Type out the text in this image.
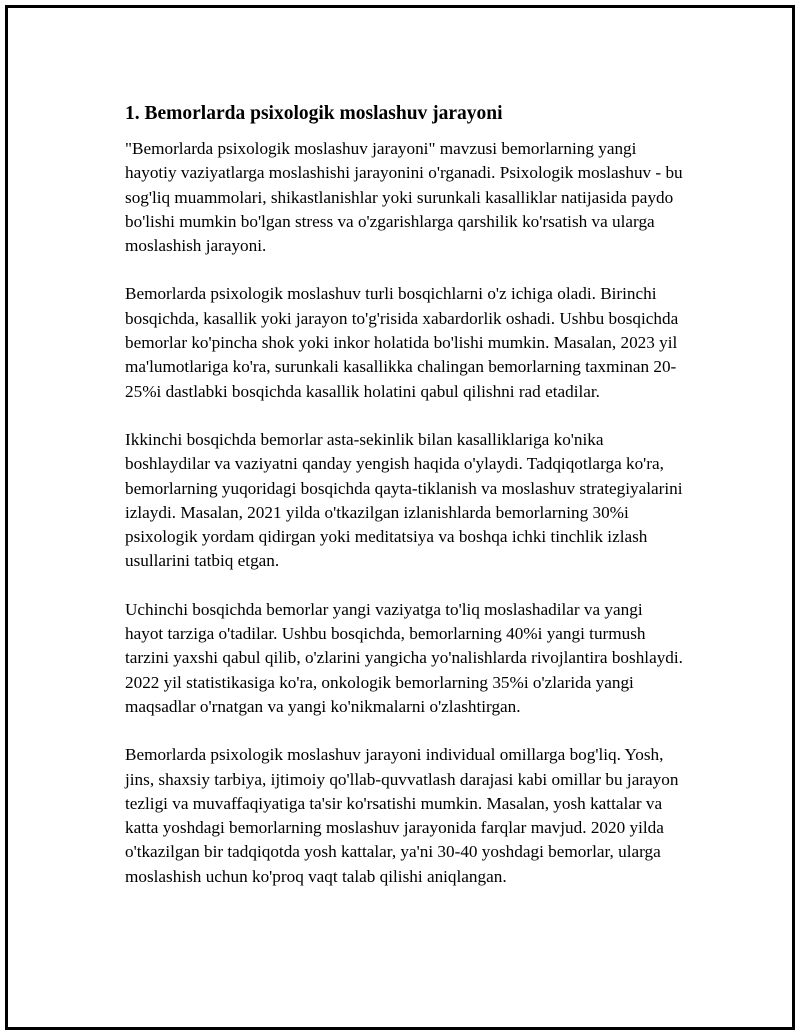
1. Bemorlarda psixologik moslashuv jarayoni

"Bemorlarda psixologik moslashuv jarayoni" mavzusi bemorlarning yangi hayotiy vaziyatlarga moslashishi jarayonini o'rganadi. Psixologik moslashuv - bu sog'liq muammolari, shikastlanishlar yoki surunkali kasalliklar natijasida paydo bo'lishi mumkin bo'lgan stress va o'zgarishlarga qarshilik ko'rsatish va ularga moslashish jarayoni.

Bemorlarda psixologik moslashuv turli bosqichlarni o'z ichiga oladi. Birinchi bosqichda, kasallik yoki jarayon to'g'risida xabardorlik oshadi. Ushbu bosqichda bemorlar ko'pincha shok yoki inkor holatida bo'lishi mumkin. Masalan, 2023 yil ma'lumotlariga ko'ra, surunkali kasallikka chalingan bemorlarning taxminan 20-25%i dastlabki bosqichda kasallik holatini qabul qilishni rad etadilar.

Ikkinchi bosqichda bemorlar asta-sekinlik bilan kasalliklariga ko'nika boshlaydilar va vaziyatni qanday yengish haqida o'ylaydi. Tadqiqotlarga ko'ra, bemorlarning yuqoridagi bosqichda qayta-tiklanish va moslashuv strategiyalarini izlaydi. Masalan, 2021 yilda o'tkazilgan izlanishlarda bemorlarning 30%i psixologik yordam qidirgan yoki meditatsiya va boshqa ichki tinchlik izlash usullarini tatbiq etgan.

Uchinchi bosqichda bemorlar yangi vaziyatga to'liq moslashadilar va yangi hayot tarziga o'tadilar. Ushbu bosqichda, bemorlarning 40%i yangi turmush tarzini yaxshi qabul qilib, o'zlarini yangicha yo'nalishlarda rivojlantira boshlaydi. 2022 yil statistikasiga ko'ra, onkologik bemorlarning 35%i o'zlarida yangi maqsadlar o'rnatgan va yangi ko'nikmalarni o'zlashtirgan.

Bemorlarda psixologik moslashuv jarayoni individual omillarga bog'liq. Yosh, jins, shaxsiy tarbiya, ijtimoiy qo'llab-quvvatlash darajasi kabi omillar bu jarayon tezligi va muvaffaqiyatiga ta'sir ko'rsatishi mumkin. Masalan, yosh kattalar va katta yoshdagi bemorlarning moslashuv jarayonida farqlar mavjud. 2020 yilda o'tkazilgan bir tadqiqotda yosh kattalar, ya'ni 30-40 yoshdagi bemorlar, ularga moslashish uchun ko'proq vaqt talab qilishi aniqlangan.
